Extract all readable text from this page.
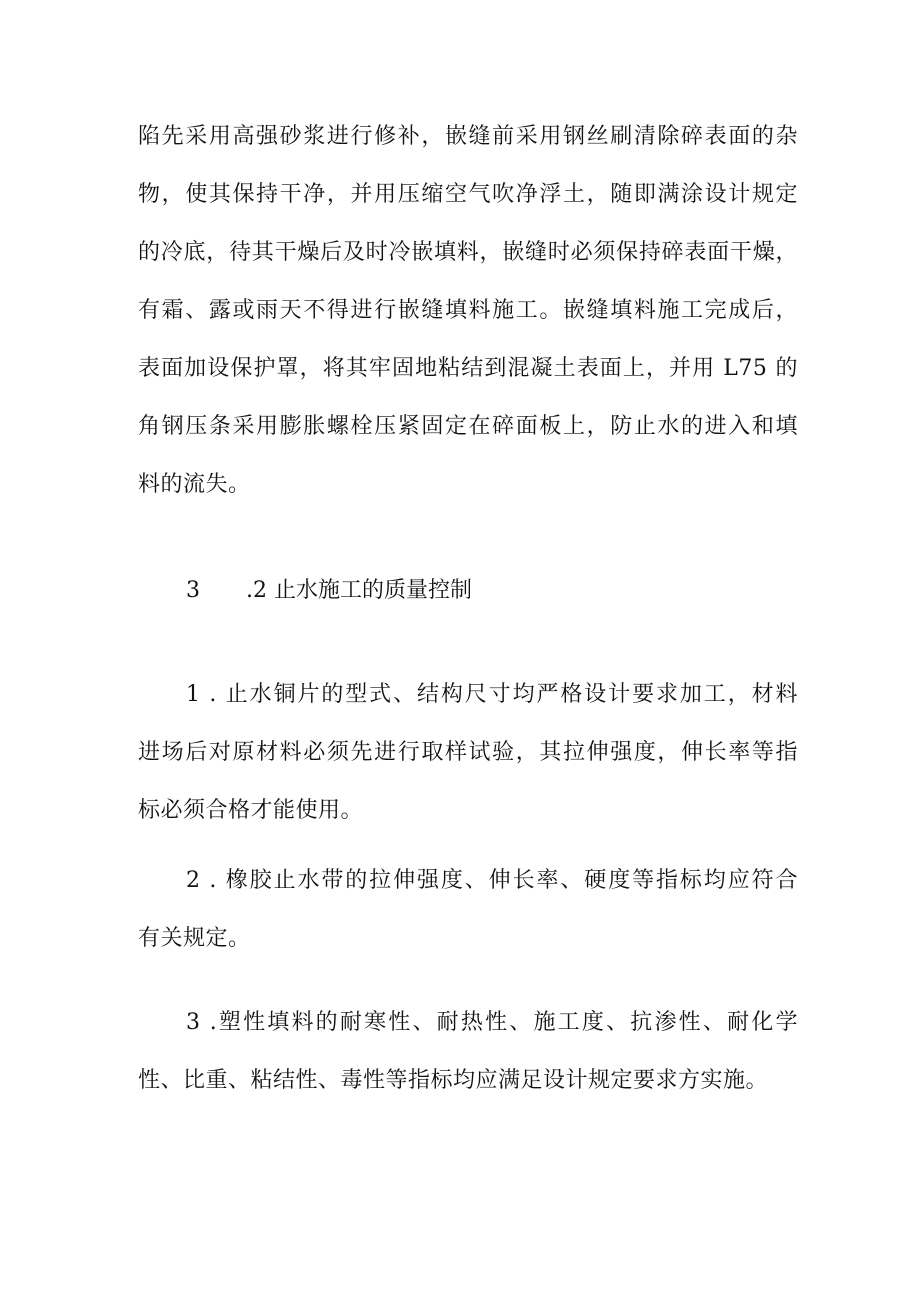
陷先采用高强砂浆进行修补，嵌缝前采用钢丝刷清除碎表面的杂
物，使其保持干净，并用压缩空气吹净浮土，随即满涂设计规定
的冷底，待其干燥后及时冷嵌填料，嵌缝时必须保持碎表面干燥，
有霜、露或雨天不得进行嵌缝填料施工。嵌缝填料施工完成后，
表面加设保护罩，将其牢固地粘结到混凝土表面上，并用 L75 的
角钢压条采用膨胀螺栓压紧固定在碎面板上，防止水的进入和填
料的流失。
3 .2 止水施工的质量控制
1 . 止水铜片的型式、结构尺寸均严格设计要求加工，材料
进场后对原材料必须先进行取样试验，其拉伸强度，伸长率等指
标必须合格才能使用。
2 . 橡胶止水带的拉伸强度、伸长率、硬度等指标均应符合
有关规定。
3 .塑性填料的耐寒性、耐热性、施工度、抗渗性、耐化学
性、比重、粘结性、毒性等指标均应满足设计规定要求方实施。
